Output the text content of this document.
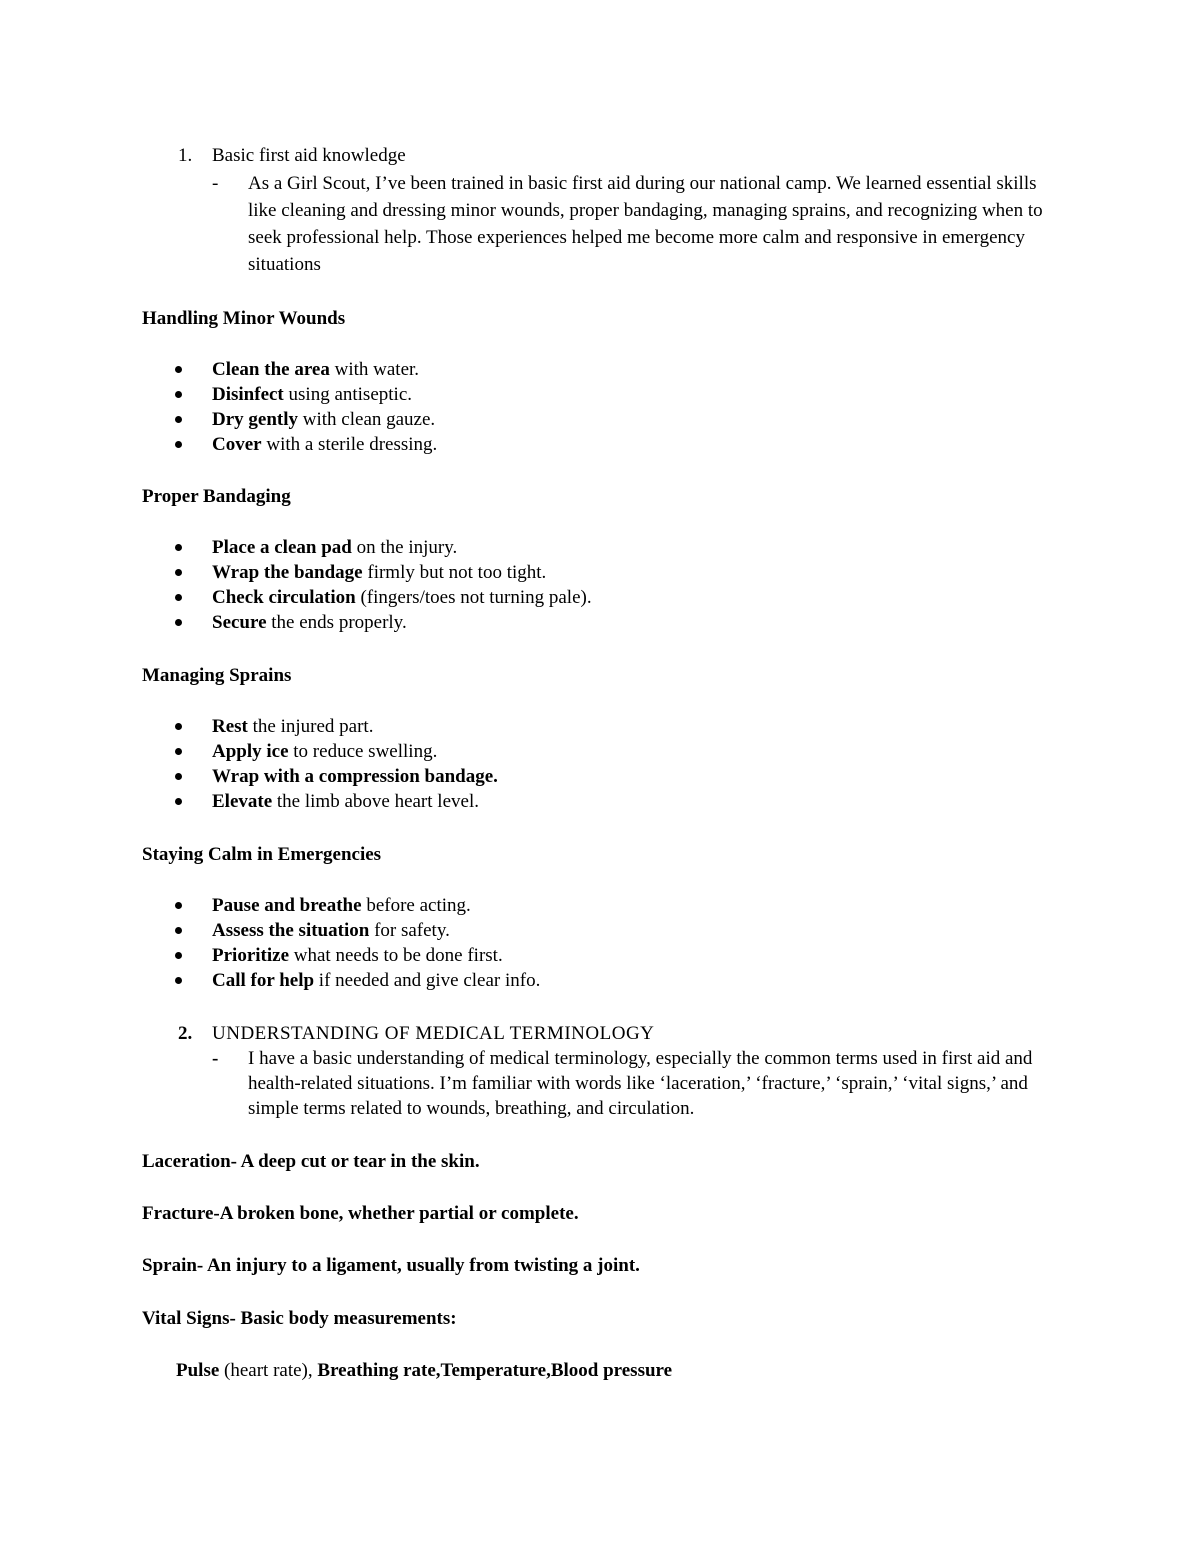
1.	Basic first aid knowledge
- As a Girl Scout, I’ve been trained in basic first aid during our national camp. We learned essential skills like cleaning and dressing minor wounds, proper bandaging, managing sprains, and recognizing when to seek professional help. Those experiences helped me become more calm and responsive in emergency situations
Handling Minor Wounds
Clean the area with water.
Disinfect using antiseptic.
Dry gently with clean gauze.
Cover with a sterile dressing.
Proper Bandaging
Place a clean pad on the injury.
Wrap the bandage firmly but not too tight.
Check circulation (fingers/toes not turning pale).
Secure the ends properly.
Managing Sprains
Rest the injured part.
Apply ice to reduce swelling.
Wrap with a compression bandage.
Elevate the limb above heart level.
Staying Calm in Emergencies
Pause and breathe before acting.
Assess the situation for safety.
Prioritize what needs to be done first.
Call for help if needed and give clear info.
2.	UNDERSTANDING OF MEDICAL TERMINOLOGY
- I have a basic understanding of medical terminology, especially the common terms used in first aid and health-related situations. I’m familiar with words like ‘laceration,’ ‘fracture,’ ‘sprain,’ ‘vital signs,’ and simple terms related to wounds, breathing, and circulation.
Laceration- A deep cut or tear in the skin.
Fracture-A broken bone, whether partial or complete.
Sprain- An injury to a ligament, usually from twisting a joint.
Vital Signs- Basic body measurements:
Pulse (heart rate), Breathing rate,Temperature,Blood pressure
